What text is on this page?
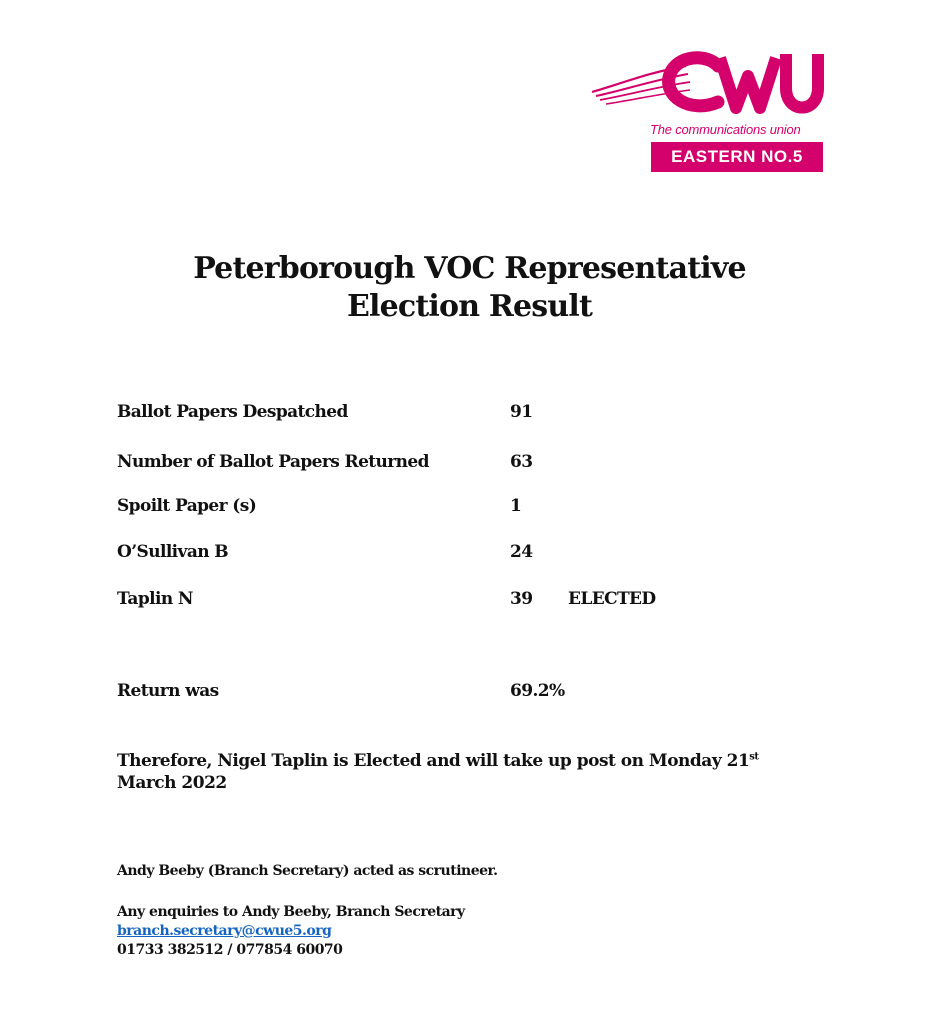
The communications union
EASTERN NO.5
Peterborough VOC Representative
Election Result
Ballot Papers Despatched	91
Number of Ballot Papers Returned	63
Spoilt Paper (s)	1
O’Sullivan B	24
Taplin N	39 ELECTED
Return was	69.2%
Therefore, Nigel Taplin is Elected and will take up post on Monday 21st
March 2022
Andy Beeby (Branch Secretary) acted as scrutineer.
Any enquiries to Andy Beeby, Branch Secretary
branch.secretary@cwue5.org
01733 382512 / 077854 60070
